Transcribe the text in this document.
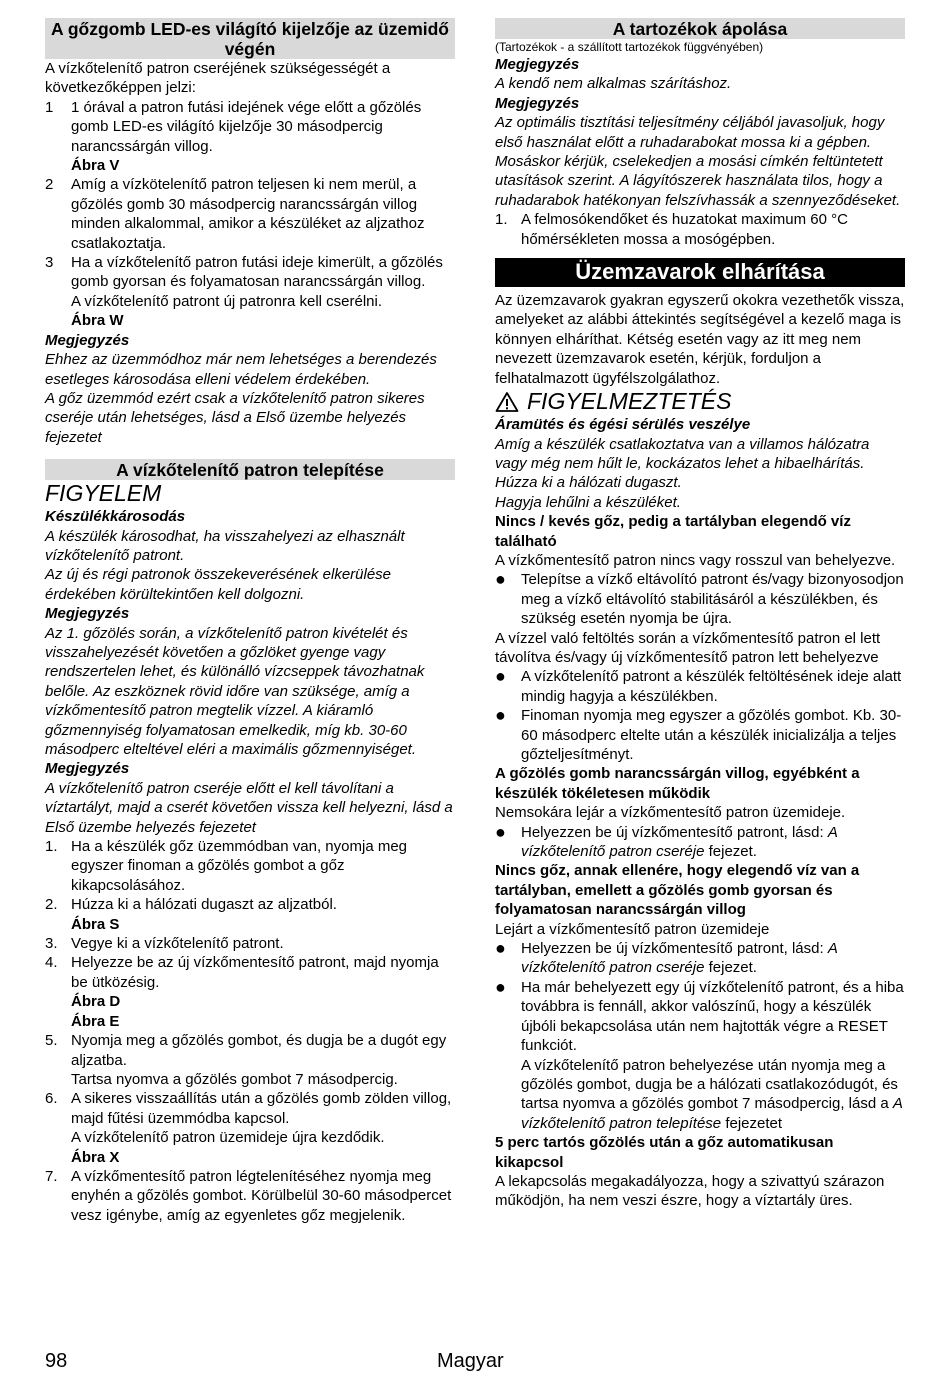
A gőzgomb LED-es világító kijelzője az üzemidő végén

A vízkőtelenítő patron cseréjének szükségességét a következőképpen jelzi:

1	1 órával a patron futási idejének vége előtt a gőzölés gomb LED-es világító kijelzője 30 másodpercig narancssárgán villog.
Ábra V
2	Amíg a vízkötelenítő patron teljesen ki nem merül, a gőzölés gomb 30 másodpercig narancssárgán villog minden alkalommal, amikor a készüléket az aljzathoz csatlakoztatja.
3	Ha a vízkőtelenítő patron futási ideje kimerült, a gőzölés gomb gyorsan és folyamatosan narancssárgán villog.
A vízkőtelenítő patront új patronra kell cserélni.
Ábra W

Megjegyzés

Ehhez az üzemmódhoz már nem lehetséges a berendezés esetleges károsodása elleni védelem érdekében.

A gőz üzemmód ezért csak a vízkőtelenítő patron sikeres cseréje után lehetséges, lásd a Első üzembe helyezés fejezetet

A vízkőtelenítő patron telepítése

FIGYELEM

Készülékkárosodás

A készülék károsodhat, ha visszahelyezi az elhasznált vízkőtelenítő patront.

Az új és régi patronok összekeverésének elkerülése érdekében körültekintően kell dolgozni.

Megjegyzés

Az 1. gőzölés során, a vízkőtelenítő patron kivételét és visszahelyezését követően a gőzlöket gyenge vagy rendszertelen lehet, és különálló vízcseppek távozhatnak belőle. Az eszköznek rövid időre van szüksége, amíg a vízkőmentesítő patron megtelik vízzel. A kiáramló gőzmennyiség folyamatosan emelkedik, míg kb. 30-60 másodperc elteltével eléri a maximális gőzmennyiséget.

Megjegyzés

A vízkőtelenítő patron cseréje előtt el kell távolítani a víztartályt, majd a cserét követően vissza kell helyezni, lásd a Első üzembe helyezés fejezetet

1. Ha a készülék gőz üzemmódban van, nyomja meg egyszer finoman a gőzölés gombot a gőz kikapcsolásához.
2. Húzza ki a hálózati dugaszt az aljzatból.
Ábra S
3. Vegye ki a vízkőtelenítő patront.
4. Helyezze be az új vízkőmentesítő patront, majd nyomja be ütközésig.
Ábra D
Ábra E
5. Nyomja meg a gőzölés gombot, és dugja be a dugót egy aljzatba.
Tartsa nyomva a gőzölés gombot 7 másodpercig.
6. A sikeres visszaállítás után a gőzölés gomb zölden villog, majd fűtési üzemmódba kapcsol.
A vízkőtelenítő patron üzemideje újra kezdődik.
Ábra X
7. A vízkőmentesítő patron légtelenítéséhez nyomja meg enyhén a gőzölés gombot. Körülbelül 30-60 másodpercet vesz igénybe, amíg az egyenletes gőz megjelenik.
A tartozékok ápolása

(Tartozékok - a szállított tartozékok függvényében)

Megjegyzés

A kendő nem alkalmas szárításhoz.

Megjegyzés

Az optimális tisztítási teljesítmény céljából javasoljuk, hogy első használat előtt a ruhadarabokat mossa ki a gépben.

Mosáskor kérjük, cselekedjen a mosási címkén feltüntetett utasítások szerint. A lágyítószerek használata tilos, hogy a ruhadarabok hatékonyan felszívhassák a szennyeződéseket.

1. A felmosókendőket és huzatokat maximum 60 °C hőmérsékleten mossa a mosógépben.
Üzemzavarok elhárítása

Az üzemzavarok gyakran egyszerű okokra vezethetők vissza, amelyeket az alábbi áttekintés segítségével a kezelő maga is könnyen elháríthat. Kétség esetén vagy az itt meg nem nevezett üzemzavarok esetén, kérjük, forduljon a felhatalmazott ügyfélszolgálathoz.

FIGYELMEZTETÉS

Áramütés és égési sérülés veszélye

Amíg a készülék csatlakoztatva van a villamos hálózatra vagy még nem hűlt le, kockázatos lehet a hibaelhárítás.

Húzza ki a hálózati dugaszt.

Hagyja lehűlni a készüléket.

Nincs / kevés gőz, pedig a tartályban elegendő víz található

A vízkőmentesítő patron nincs vagy rosszul van behelyezve.

●	Telepítse a vízkő eltávolító patront és/vagy bizonyosodjon meg a vízkő eltávolító stabilitásáról a készülékben, és szükség esetén nyomja be újra.

A vízzel való feltöltés során a vízkőmentesítő patron el lett távolítva és/vagy új vízkőmentesítő patron lett behelyezve

●	A vízkőtelenítő patront a készülék feltöltésének ideje alatt mindig hagyja a készülékben.
●	Finoman nyomja meg egyszer a gőzölés gombot. Kb. 30-60 másodperc eltelte után a készülék inicializálja a teljes gőzteljesítményt.

A gőzölés gomb narancssárgán villog, egyébként a készülék tökéletesen működik

Nemsokára lejár a vízkőmentesítő patron üzemideje.

●	Helyezzen be új vízkőmentesítő patront, lásd: A vízkőtelenítő patron cseréje fejezet.

Nincs gőz, annak ellenére, hogy elegendő víz van a tartályban, emellett a gőzölés gomb gyorsan és folyamatosan narancssárgán villog

Lejárt a vízkőmentesítő patron üzemideje

●	Helyezzen be új vízkőmentesítő patront, lásd: A vízkőtelenítő patron cseréje fejezet.
●	Ha már behelyezett egy új vízkőtelenítő patront, és a hiba továbbra is fennáll, akkor valószínű, hogy a készülék újbóli bekapcsolása után nem hajtották végre a RESET funkciót.
A vízkőtelenítő patron behelyezése után nyomja meg a gőzölés gombot, dugja be a hálózati csatlakozódugót, és tartsa nyomva a gőzölés gombot 7 másodpercig, lásd a A vízkőtelenítő patron telepítése fejezetet

5 perc tartós gőzölés után a gőz automatikusan kikapcsol

A lekapcsolás megakadályozza, hogy a szivattyú szárazon működjön, ha nem veszi észre, hogy a víztartály üres.

98	Magyar
